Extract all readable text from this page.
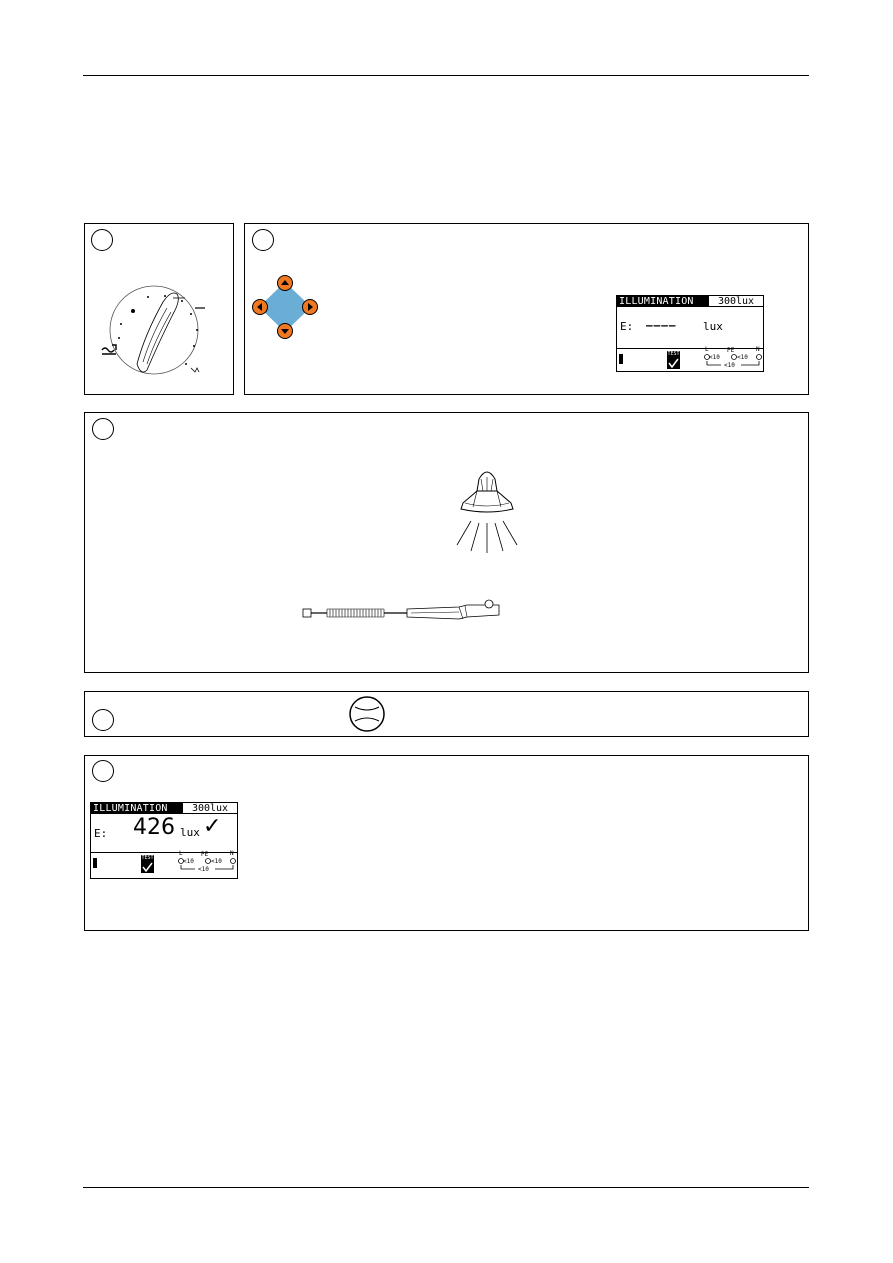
ILLUMINATION	300lux
E: –––– lux
TEST
L	PE	N
<10	<10
<10
ILLUMINATION	300lux
E: 426 lux ✓
TEST
L	PE	N
<10	<10
<10
